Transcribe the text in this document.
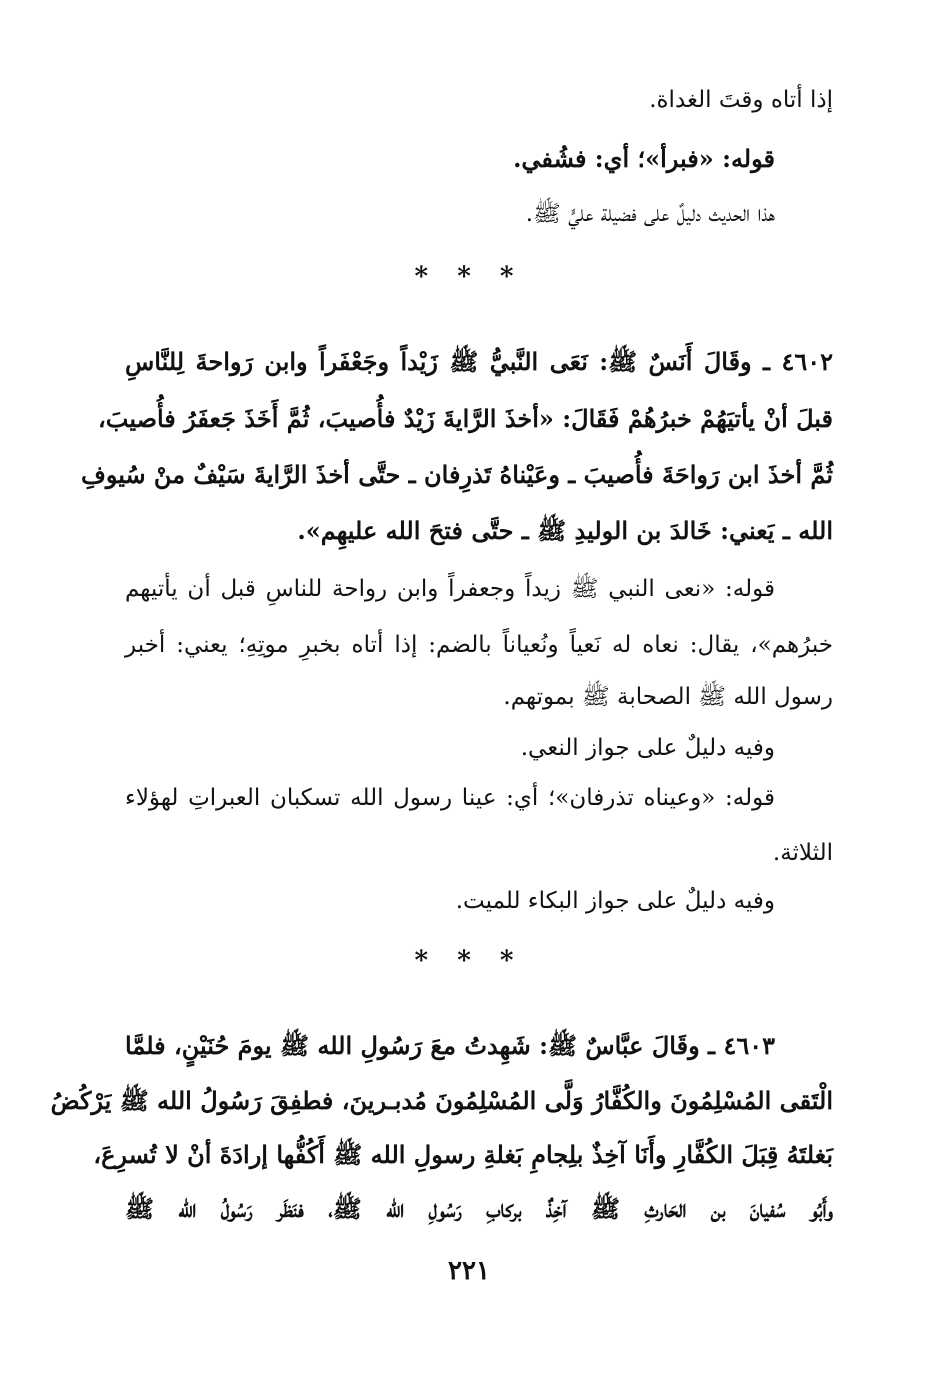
إذا أتاه وقتَ الغداة.
قوله: «فبرأ»؛ أي: فشُفي.
هذا الحديث دليلٌ على فضيلة عليٍّ ﷺ.
* * *
٤٦٠٢ ـ وقَالَ أَنَسٌ ﷺ: نَعَى النَّبيُّ ﷺ زَيْداً وجَعْفَراً وابن رَواحةَ لِلنَّاسِ
قبلَ أنْ يأتيَهُمْ خبرُهُمْ فَقَالَ: «أخذَ الرَّايةَ زَيْدٌ فأُصيبَ، ثُمَّ أَخَذَ جَعفَرُ فأُصيبَ،
ثُمَّ أخذَ ابن رَواحَةَ فأُصيبَ ـ وعَيْناهُ تَذرِفان ـ حتَّى أخذَ الرَّايةَ سَيْفٌ منْ سُيوفِ
الله ـ يَعني: خَالدَ بن الوليدِ ﷺ ـ حتَّى فتحَ الله عليهِم».
قوله: «نعى النبي ﷺ زيداً وجعفراً وابن رواحة للناسِ قبل أن يأتيهم
خبرُهم»، يقال: نعاه له نَعياً ونُعياناً بالضم: إذا أتاه بخبرِ موتِهِ؛ يعني: أخبر
رسول الله ﷺ الصحابة ﷺ بموتهم.
وفيه دليلٌ على جواز النعي.
قوله: «وعيناه تذرفان»؛ أي: عينا رسول الله تسكبان العبراتِ لهؤلاء
الثلاثة.
وفيه دليلٌ على جواز البكاء للميت.
* * *
٤٦٠٣ ـ وقَالَ عبَّاسٌ ﷺ: شَهِدتُ معَ رَسُولِ الله ﷺ يومَ حُنَيْنٍ، فلمَّا
الْتَقى المُسْلِمُونَ والكُفَّارُ وَلَّى المُسْلِمُونَ مُدبـرينَ، فطفِقَ رَسُولُ الله ﷺ يَرْكُضُ
بَغلتَهُ قِبَلَ الكُفَّارِ وأَنَا آخِذٌ بلِجامِ بَغلةِ رسولِ الله ﷺ أَكُفُّها إرادَةَ أنْ لا تُسرِعَ،
وأَبُو سُفيانَ بن الحَارثِ ﷺ آخِذٌ بركابِ رَسُولِ الله ﷺ، فنَظَر رَسُولُ الله ﷺ
٢٢١
